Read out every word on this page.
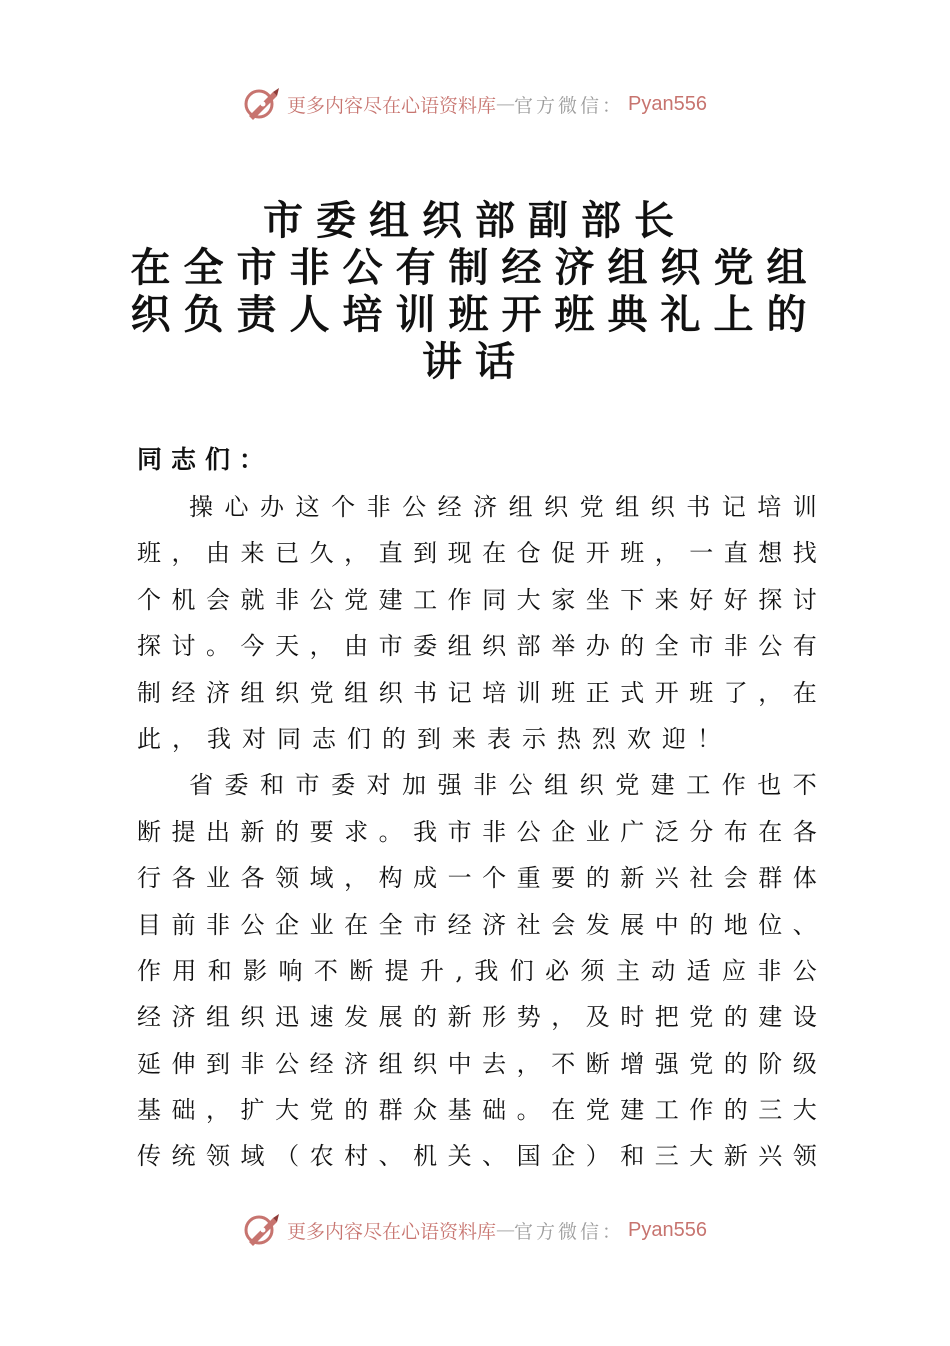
更多内容尽在心语资料库 — 官方微信： Pyan556
市委组织部副部长
在全市非公有制经济组织党组
织负责人培训班开班典礼上的
讲话

同志们：

操 心 办 这 个 非 公 经 济 组 织 党 组 织 书 记 培 训
班 ， 由 来 已 久 ， 直 到 现 在 仓 促 开 班 ， 一 直 想 找
个 机 会 就 非 公 党 建 工 作 同 大 家 坐 下 来 好 好 探 讨
探 讨 。 今 天 ， 由 市 委 组 织 部 举 办 的 全 市 非 公 有
制 经 济 组 织 党 组 织 书 记 培 训 班 正 式 开 班 了 ， 在
此 ， 我 对 同 志 们 的 到 来 表 示 热 烈 欢 迎 ！
省 委 和 市 委 对 加 强 非 公 组 织 党 建 工 作 也 不
断 提 出 新 的 要 求 。 我 市 非 公 企 业 广 泛 分 布 在 各
行 各 业 各 领 域 ， 构 成 一 个 重 要 的 新 兴 社 会 群 体
目 前 非 公 企 业 在 全 市 经 济 社 会 发 展 中 的 地 位 、
作 用 和 影 响 不 断 提 升 , 我 们 必 须 主 动 适 应 非 公
经 济 组 织 迅 速 发 展 的 新 形 势 ， 及 时 把 党 的 建 设
延 伸 到 非 公 经 济 组 织 中 去 ， 不 断 增 强 党 的 阶 级
基 础 ， 扩 大 党 的 群 众 基 础 。 在 党 建 工 作 的 三 大
传 统 领 域 （ 农 村 、 机 关 、 国 企 ） 和 三 大 新 兴 领
更多内容尽在心语资料库 — 官方微信： Pyan556
